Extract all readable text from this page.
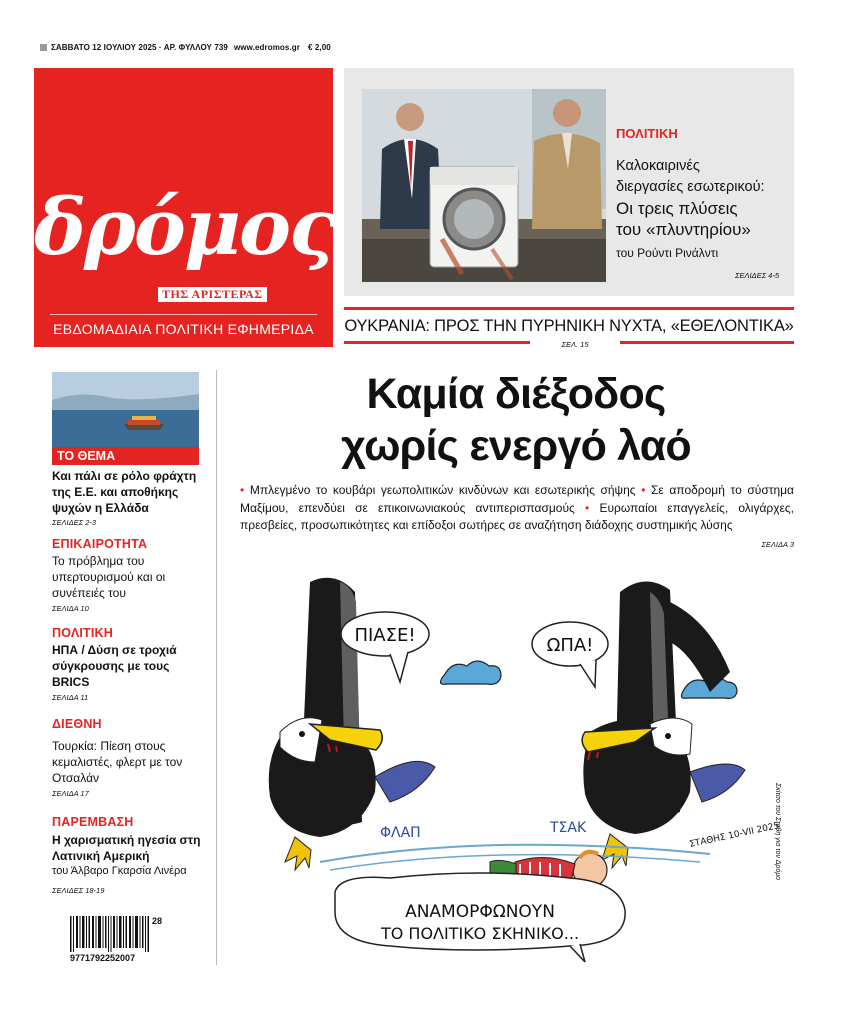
ΣΑΒΒΑΤΟ 12 ΙΟΥΛΙΟΥ 2025 · ΑΡ. ΦΥΛΛΟΥ 739 www.edromos.gr € 2,00
δρόμος
ΤΗΣ ΑΡΙΣΤΕΡΑΣ
ΕΒΔΟΜΑΔΙΑΙΑ ΠΟΛΙΤΙΚΗ ΕΦΗΜΕΡΙΔΑ
ΠΟΛΙΤΙΚΗ
Καλοκαιρινές
διεργασίες εσωτερικού:
Οι τρεις πλύσεις
του «πλυντηρίου»
του Ρούντι Ρινάλντι
ΣΕΛΙΔΕΣ 4-5
ΟΥΚΡΑΝΙΑ: ΠΡΟΣ ΤΗΝ ΠΥΡΗΝΙΚΗ ΝΥΧΤΑ, «ΕΘΕΛΟΝΤΙΚΑ»
ΣΕΛ. 15
ΤΟ ΘΕΜΑ
Και πάλι σε ρόλο φράχτη της Ε.Ε. και αποθήκης ψυχών η Ελλάδα
ΣΕΛΙΔΕΣ 2-3
ΕΠΙΚΑΙΡΟΤΗΤΑ
Το πρόβλημα του υπερτουρισμού και οι συνέπειές του
ΣΕΛΙΔΑ 10
ΠΟΛΙΤΙΚΗ
ΗΠΑ / Δύση σε τροχιά σύγκρουσης με τους BRICS
ΣΕΛΙΔΑ 11
ΔΙΕΘΝΗ
Τουρκία: Πίεση στους κεμαλιστές, φλερτ με τον Οτσαλάν
ΣΕΛΙΔΑ 17
ΠΑΡΕΜΒΑΣΗ
Η χαρισματική ηγεσία στη Λατινική Αμερική
του Άλβαρο Γκαρσία Λινέρα
ΣΕΛΙΔΕΣ 18-19
28
9771792252007
Καμία διέξοδος
χωρίς ενεργό λαό
• Μπλεγμένο το κουβάρι γεωπολιτικών κινδύνων και εσωτερικής σήψης • Σε αποδρομή το σύστημα Μαξίμου, επενδύει σε επικοινωνιακούς αντιπερισπασμούς • Ευρωπαίοι επαγγελείς, ολιγάρχες, πρεσβείες, προσωπικότητες και επίδοξοι σωτήρες σε αναζήτηση διάδοχης συστημικής λύσης
ΣΕΛΙΔΑ 3
ΠΙΑΣΕ!	ΩΠΑ!
ΦΛΑΠ	ΤΣΑΚ	ΣΤΑΘΗΣ 10-VII 2025
ΑΝΑΜΟΡΦΩΝΟΥΝ
ΤΟ ΠΟΛΙΤΙΚΟ ΣΚΗΝΙΚΟ...
Σκίτσο του Σταθη για τον Δρόμο
